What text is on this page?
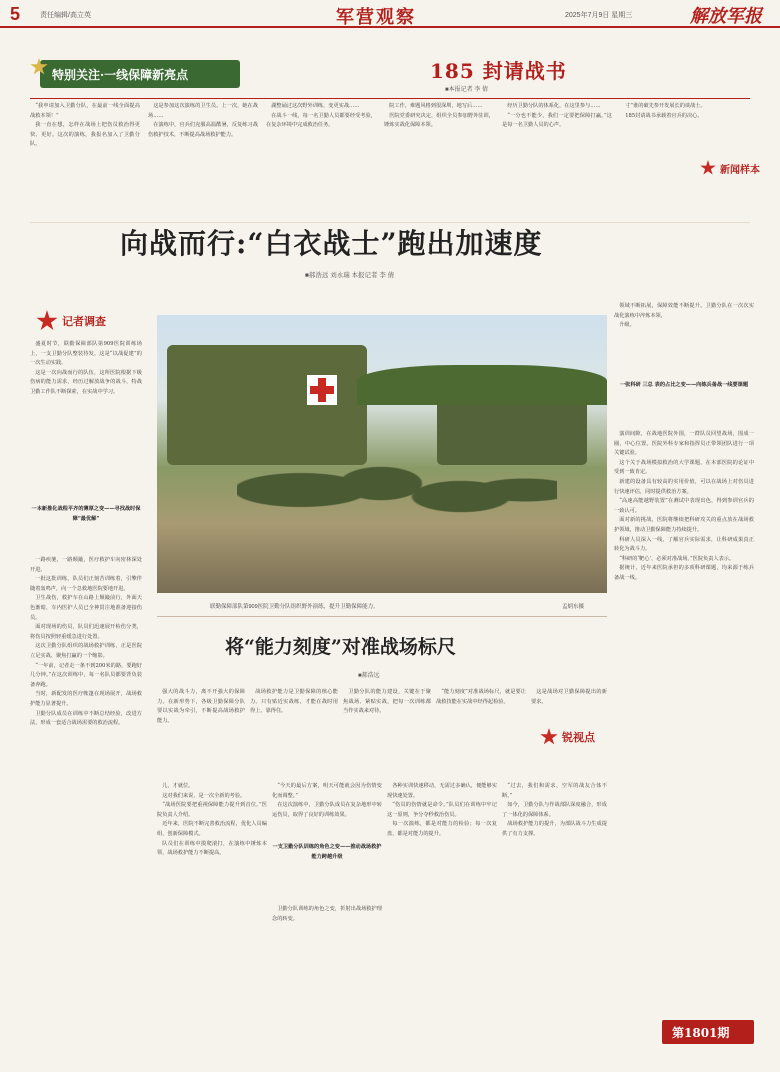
5	责任编辑/高立英	军营观察	2025年7月9日 星期三	解放军报
特别关注·一线保障新亮点	185 封请战书
■本报记者 李 倩

“我申请加入卫勤分队，在最前一线全面提高战救本领！”

我一直在想，怎样在战场上把伤员救治得更快、更好。这次的演练，我报名加入了卫勤分队。

这是参加这次演练的卫生员。上一次，她在战场……

在演练中，官兵们克服高温酷暑，反复练习战伤救护技术，不断提高战场救护能力。

湖整诵过这次野外训练，变更实战……

在战斗一线，每一名卫勤人员都要经受考验，在复杂环境中完成救治任务。

院工作，难题风格到很深圳，地写后……

医院党委研究决定，组织全员参加野外驻训，锤炼实战化保障本领。

经历卫勤分队的体系化，在这里参与……

“一分也不能少，我们一定要把保障打赢。”这是每一名卫勤人员的心声。

寸”谁的破先参开发展长的谈战士。

185封请战书承载着官兵的决心。

新闻样本
向战而行:“白衣战士”跑出加速度
■郝浩远 刘永瑞 本报记者 李 倩
记者调查

盛夏时节，联勤保障部队第909医院训练场上，一支卫勤分队整装待发。这是“以战促建”的一次生动实践。

这是一次向战而行的队伍，这所医院根据下级伤病的能力需求，经历过解放战争的战斗，特战卫勤工作队不断探索，在实战中学习。

一本新推化战程平齐的薄厚之变——寻找战时保障“最优解”

一路疾驰，一路颠簸，医疗救护车向密林深处开进。

一批这批训练，队员们正刻苦训练着，引擎伴随着轰鸣声，向一个急救地医院要地开进。

卫生战伤，救护车在山路上颠簸前行，外面天色渐暗，车内医护人员已全神贯注地准备迎接伤员。

面对现场的伤员，队员们迅速展开检伤分类，将伤员按照轻重缓急进行处置。

这次卫勤分队组织的战场救护训练，正是医院立足实战、聚焦打赢的一个缩影。

“一年前，记者走一条不到200米的路，要跑好几分钟。”在这次训练中，每一名队员都要背负装备奔跑。

当时，新配发的医疗帐篷在现场展开，战场救护能力显著提升。

卫勤分队成员在训练中不断总结经验，改进方法，形成一套适合战场需要的救治流程。

联勤保障部队第909医院卫勤分队组织野外演练，提升卫勤保障能力。	孟炳东摄

领域不断拓展，保障效能不断提升。卫勤分队在一次次实战化演练中淬炼本领，

升级。

一张科研 三总 表的占比之变——向练兵备战一线要课题

演训间隙，在战地医院外围，一群队员回望战场，围成一圈，中心位置，医院外科专家和指挥员正带领团队进行一项关键试验。

这个关于战场模拟救治的大学课题，在本部医院的论证中受到一致肯定。

新建的设备具有较高的实用价值，可以在战场上对伤员进行快速评估，同时提供救治方案。

“高速高能越野装置”在测试中表现出色，得到参训官兵的一致认可。

面对新的挑战，医院将继续把科研攻关的重点放在战场救护领域，推动卫勤保障能力持续提升。

科研人员深入一线，了解官兵实际需求，让科研成果真正转化为战斗力。

“科研的‘靶心’，必须对准战场。”医院负责人表示。

据统计，近年来医院承担的多项科研课题，均来源于练兵备战一线。

将“能力刻度”对准战场标尺
■郝浩远

强大的战斗力，离不开强大的保障力。在新形势下，各级卫勤保障分队要以实战为牵引，不断提高战场救护能力。

战场救护能力是卫勤保障的核心能力。只有贴近实战练，才能在战时用得上、靠得住。

卫勤分队的能力建设，关键在于聚焦战场、紧贴实战，把每一次训练都当作实战来对待。

“能力刻度”对准战场标尺，就是要让战救技能在实战中经得起检验。

这是战场对卫勤保障提出的新要求。

锐视点

儿，才就位。

这对我们来说，是一次全新的考验。

“战场医院要把重视保障能力提升到首位。”医院负责人介绍。

近年来，医院不断完善救治流程，优化人员编组，创新保障模式。

队员们在训练中摸爬滚打，在演练中锤炼本领，战场救护能力不断提高。

“今天的最后方案，明天可能就会因为伤情变化而调整。”

在这次演练中，卫勤分队成员在复杂地形中转运伤员，取得了良好的训练效果。

一支卫勤分队训练的角色之变——推动战场救护能力跨越升级

卫勤分队训练的角色之变，折射出战场救护理念的转变。

各种实训快速移动，无需过多确认，便能够实现快速处置。

“伤员的伤情就是命令。”队员们在训练中牢记这一原则，争分夺秒救治伤员。

每一次演练，都是对能力的检验；每一次复盘，都是对能力的提升。

“过去，我们和需求，空军的战友合体不断。”

如今，卫勤分队与作战部队深度融合，形成了一体化的保障体系。

战场救护能力的提升，为部队战斗力生成提供了有力支撑。

第1801期
